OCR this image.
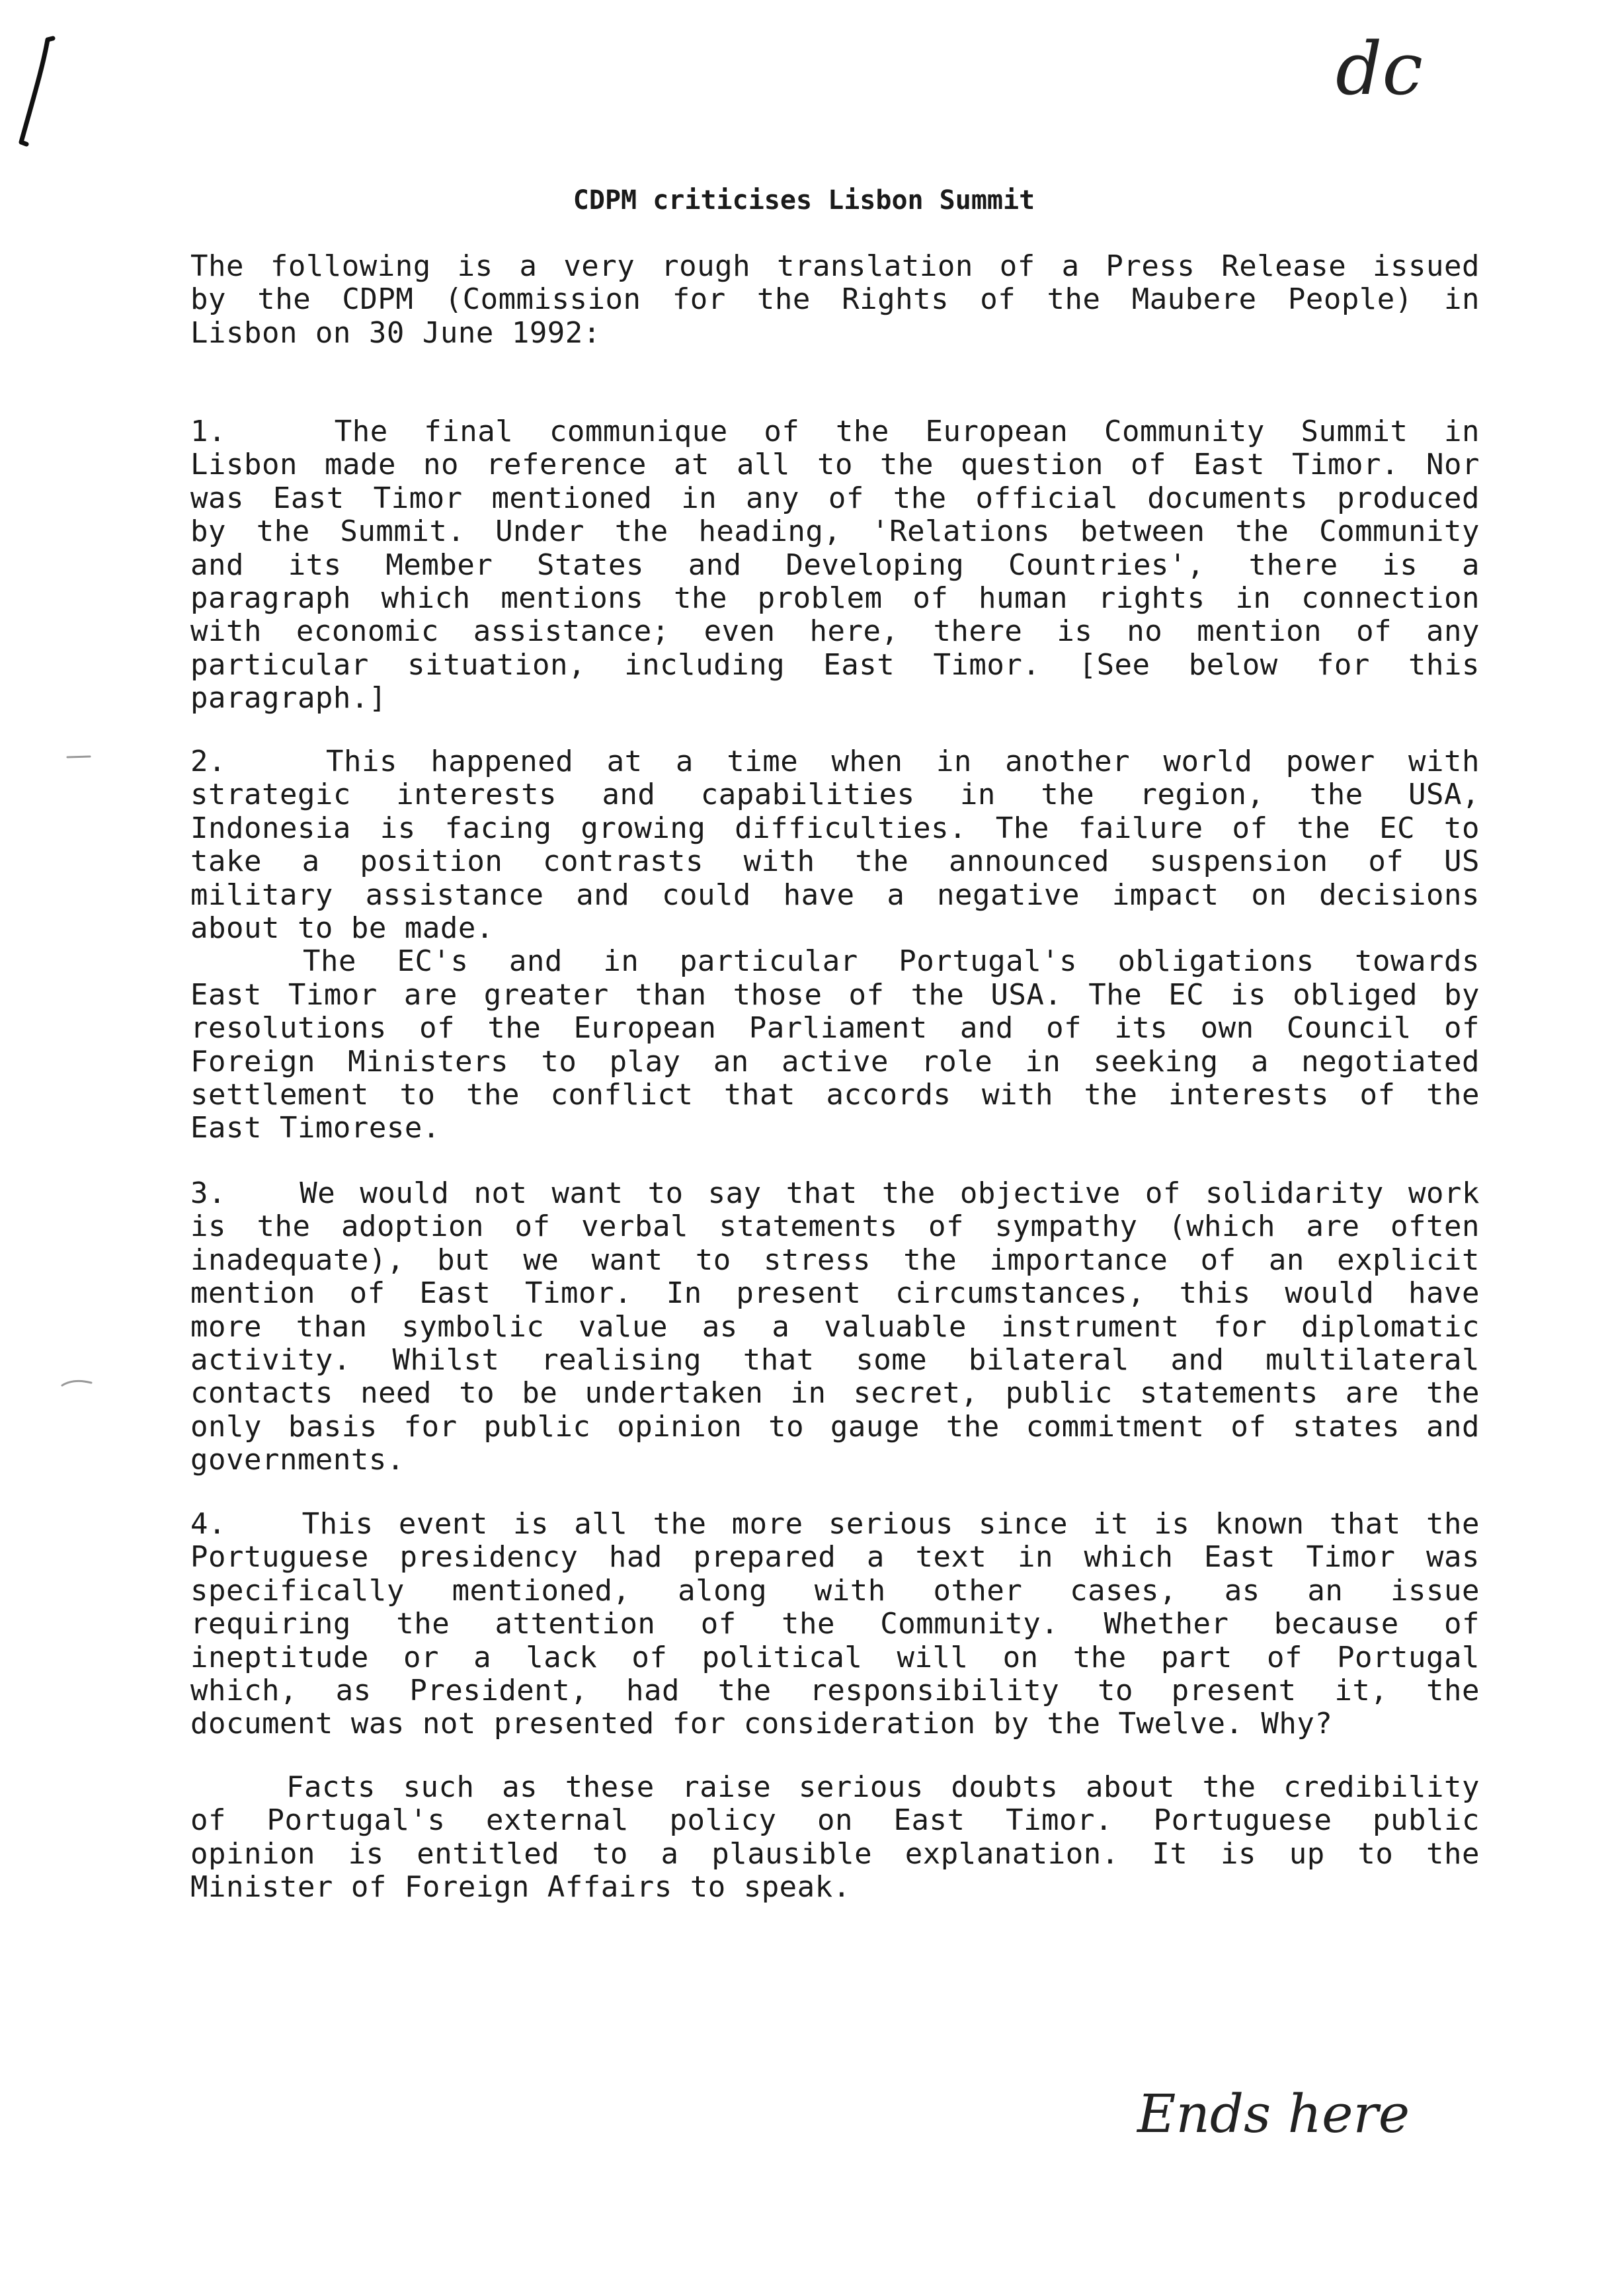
dc
CDPM criticises Lisbon Summit
The following is a very rough translation of a Press Release issued
by the CDPM (Commission for the Rights of the Maubere People) in
Lisbon on 30 June 1992:
1.   The final communique of the European Community Summit in
Lisbon made no reference at all to the question of East Timor. Nor
was East Timor mentioned in any of the official documents produced
by the Summit. Under the heading, 'Relations between the Community
and its Member States and Developing Countries', there is a
paragraph which mentions the problem of human rights in connection
with economic assistance; even here, there is no mention of any
particular situation, including East Timor. [See below for this
paragraph.]
2.   This happened at a time when in another world power with
strategic interests and capabilities in the region, the USA,
Indonesia is facing growing difficulties. The failure of the EC to
take a position contrasts with the announced suspension of US
military assistance and could have a negative impact on decisions
about to be made.
The EC's and in particular Portugal's obligations towards
East Timor are greater than those of the USA. The EC is obliged by
resolutions of the European Parliament and of its own Council of
Foreign Ministers to play an active role in seeking a negotiated
settlement to the conflict that accords with the interests of the
East Timorese.
3.   We would not want to say that the objective of solidarity work
is the adoption of verbal statements of sympathy (which are often
inadequate), but we want to stress the importance of an explicit
mention of East Timor. In present circumstances, this would have
more than symbolic value as a valuable instrument for diplomatic
activity. Whilst realising that some bilateral and multilateral
contacts need to be undertaken in secret, public statements are the
only basis for public opinion to gauge the commitment of states and
governments.
4.   This event is all the more serious since it is known that the
Portuguese presidency had prepared a text in which East Timor was
specifically mentioned, along with other cases, as an issue
requiring the attention of the Community. Whether because of
ineptitude or a lack of political will on the part of Portugal
which, as President, had the responsibility to present it, the
document was not presented for consideration by the Twelve. Why?
Facts such as these raise serious doubts about the credibility
of Portugal's external policy on East Timor. Portuguese public
opinion is entitled to a plausible explanation. It is up to the
Minister of Foreign Affairs to speak.
Ends here
